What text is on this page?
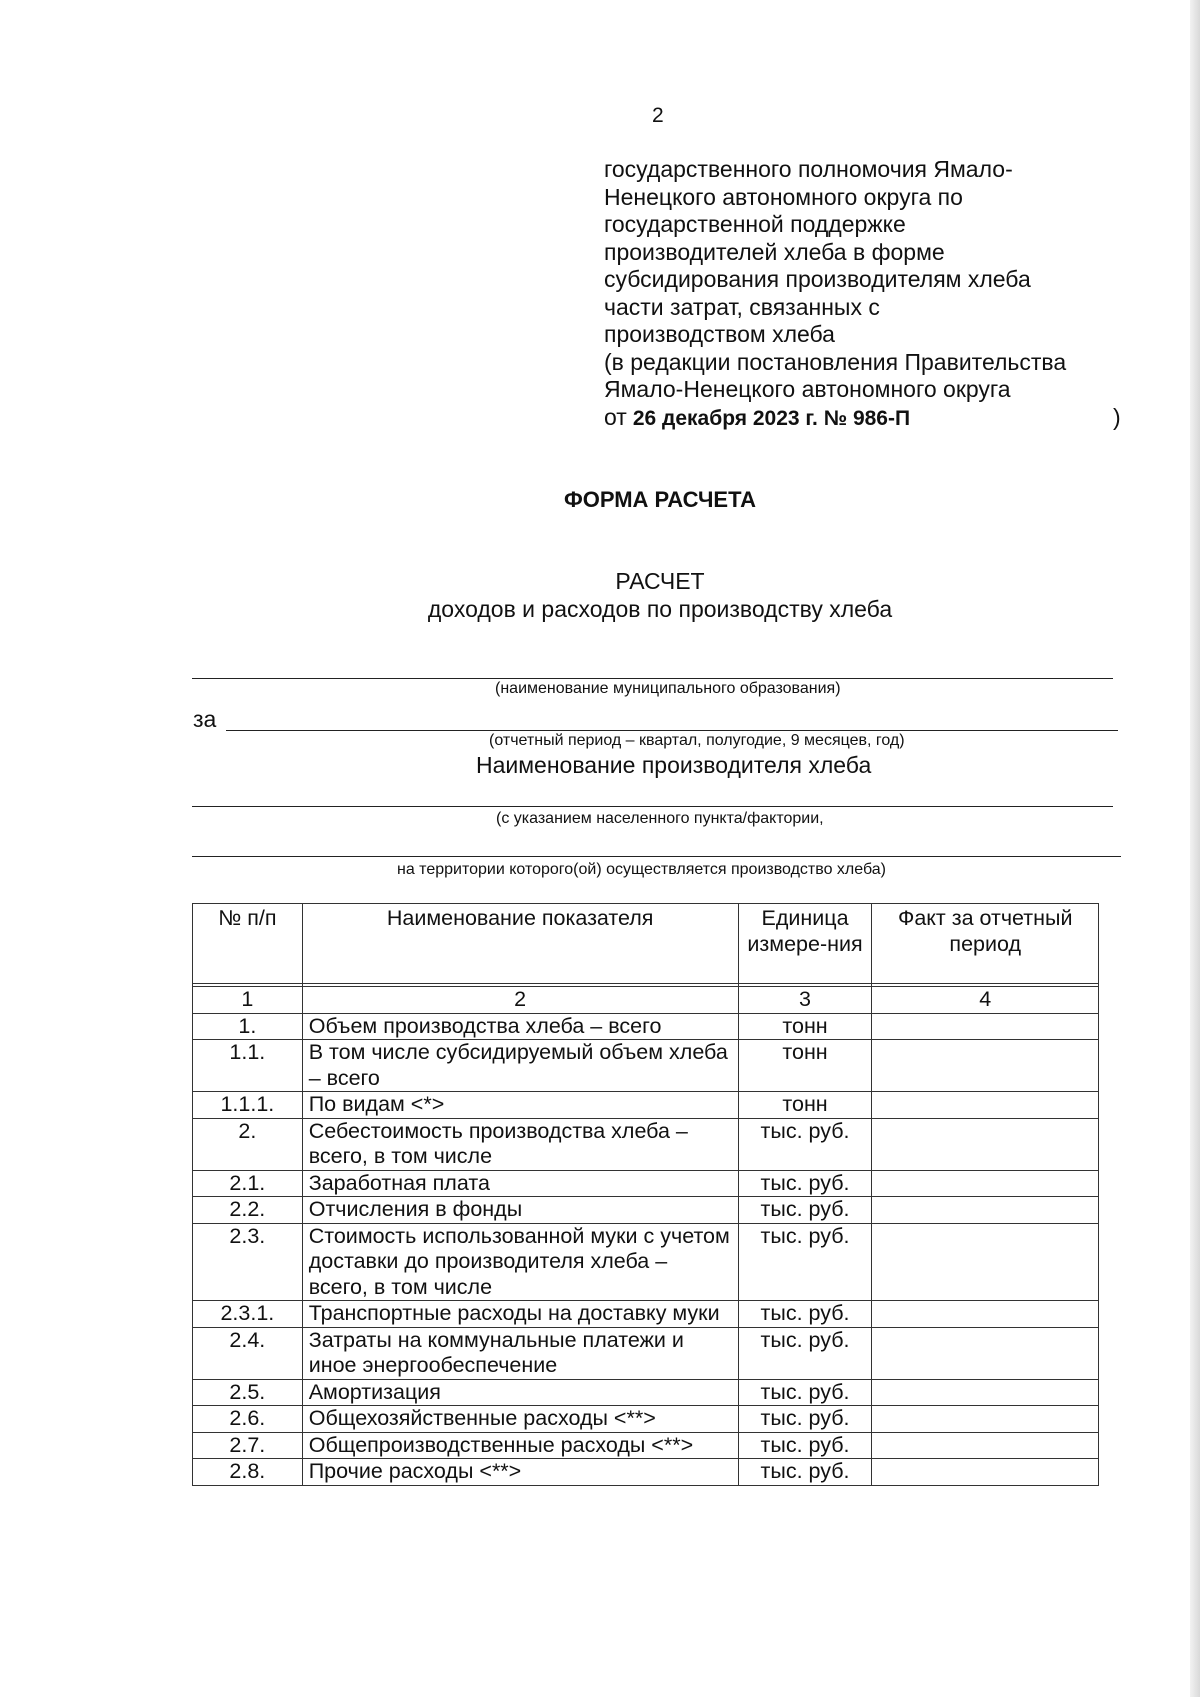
2
государственного полномочия Ямало-
Ненецкого автономного округа по
государственной поддержке
производителей хлеба в форме
субсидирования производителям хлеба
части затрат, связанных с
производством хлеба
(в редакции постановления Правительства
Ямало-Ненецкого автономного округа
от 26 декабря 2023 г. № 986-П	)
ФОРМА РАСЧЕТА
РАСЧЕТ
доходов и расходов по производству хлеба
(наименование муниципального образования)
за
(отчетный период – квартал, полугодие, 9 месяцев, год)
Наименование производителя хлеба
(с указанием населенного пункта/фактории,
на территории которого(ой) осуществляется производство хлеба)
№ п/п	Наименование показателя	Единица измере-ния	Факт за отчетный период

1	2	3	4
1.	Объем производства хлеба – всего	тонн	
1.1.	В том числе субсидируемый объем хлеба – всего	тонн	
1.1.1.	По видам <*>	тонн	
2.	Себестоимость производства хлеба – всего, в том числе	тыс. руб.	
2.1.	Заработная плата	тыс. руб.	
2.2.	Отчисления в фонды	тыс. руб.	
2.3.	Стоимость использованной муки с учетом доставки до производителя хлеба – всего, в том числе	тыс. руб.	
2.3.1.	Транспортные расходы на доставку муки	тыс. руб.	
2.4.	Затраты на коммунальные платежи и иное энергообеспечение	тыс. руб.	
2.5.	Амортизация	тыс. руб.	
2.6.	Общехозяйственные расходы <**>	тыс. руб.	
2.7.	Общепроизводственные расходы <**>	тыс. руб.	
2.8.	Прочие расходы <**>	тыс. руб.	
